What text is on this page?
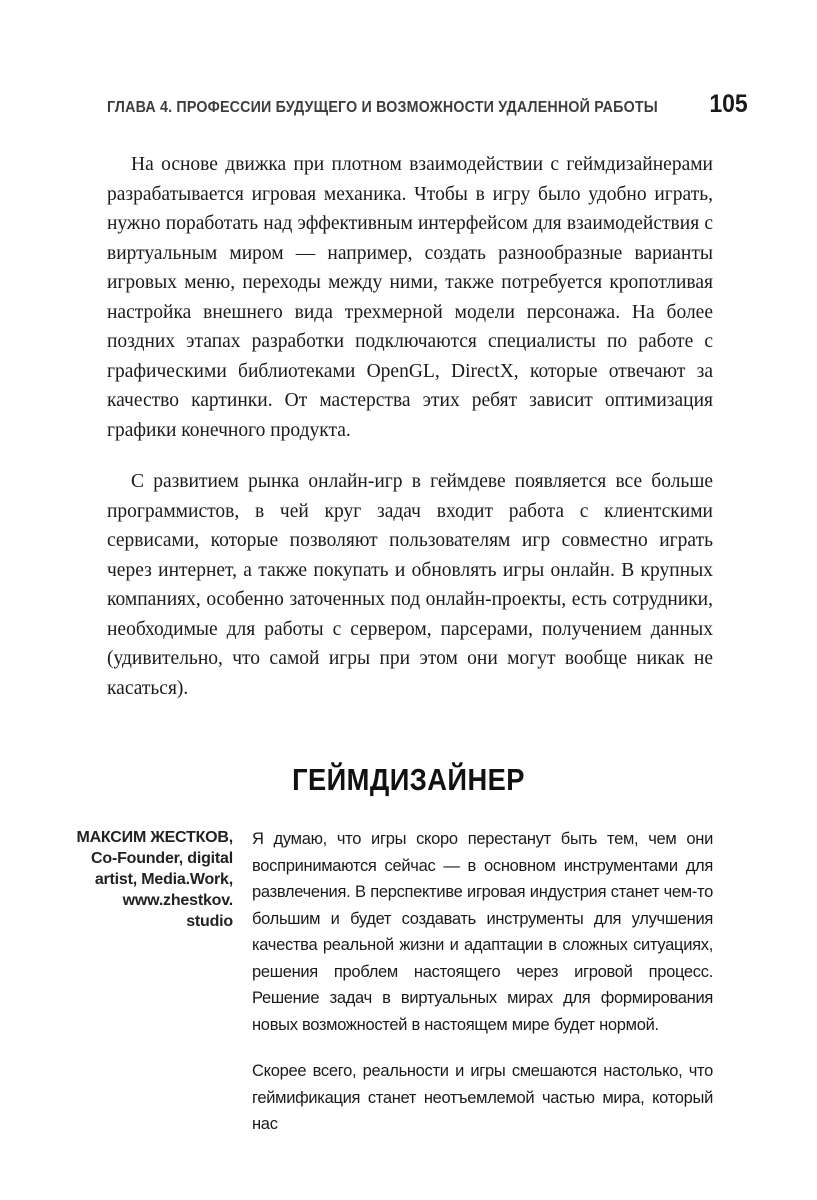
ГЛАВА 4. ПРОФЕССИИ БУДУЩЕГО И ВОЗМОЖНОСТИ УДАЛЕННОЙ РАБОТЫ 105

На основе движка при плотном взаимодействии с геймдизайнерами разрабатывается игровая механика. Чтобы в игру было удобно играть, нужно поработать над эффективным интерфейсом для взаимодействия с виртуальным миром — например, создать разнообразные варианты игровых меню, переходы между ними, также потребуется кропотливая настройка внешнего вида трехмерной модели персонажа. На более поздних этапах разработки подключаются специалисты по работе с графическими библиотеками OpenGL, DirectX, которые отвечают за качество картинки. От мастерства этих ребят зависит оптимизация графики конечного продукта.

С развитием рынка онлайн-игр в геймдеве появляется все больше программистов, в чей круг задач входит работа с клиентскими сервисами, которые позволяют пользователям игр совместно играть через интернет, а также покупать и обновлять игры онлайн. В крупных компаниях, особенно заточенных под онлайн-проекты, есть сотрудники, необходимые для работы с сервером, парсерами, получением данных (удивительно, что самой игры при этом они могут вообще никак не касаться).

ГЕЙМДИЗАЙНЕР
МАКСИМ ЖЕСТКОВ,
Co-Founder, digital
artist, Media.Work,
www.zhestkov.
studio

Я думаю, что игры скоро перестанут быть тем, чем они воспринимаются сейчас — в основном инструментами для развлечения. В перспективе игровая индустрия станет чем-то большим и будет создавать инструменты для улучшения качества реальной жизни и адаптации в сложных ситуациях, решения проблем настоящего через игровой процесс. Решение задач в виртуальных мирах для формирования новых возможностей в настоящем мире будет нормой.

Скорее всего, реальности и игры смешаются настолько, что геймификация станет неотъемлемой частью мира, который нас
